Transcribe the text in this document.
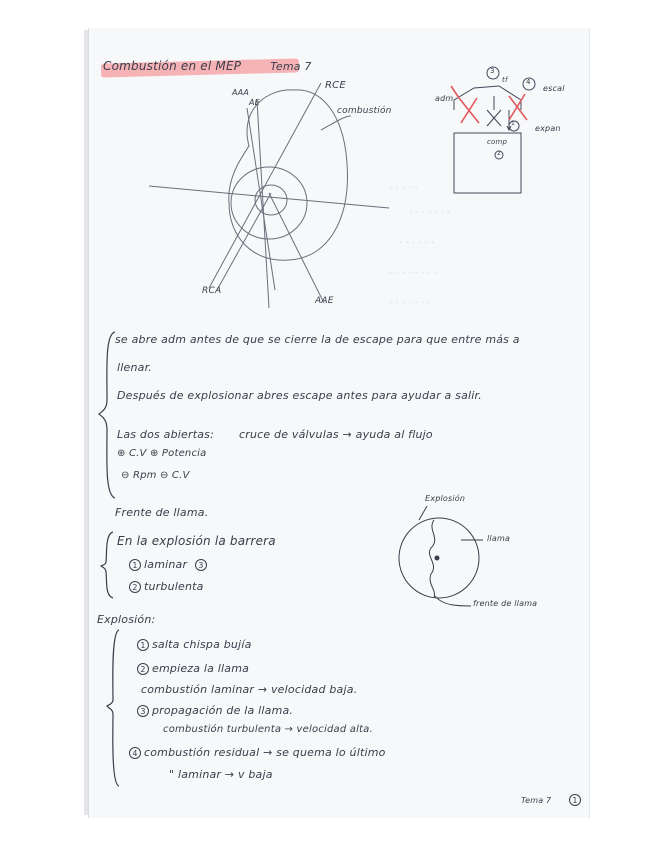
Combustión en el MEP	Tema 7
AAA
AE
RCE
combustión
RCA
AAE
adm
escal
expan
comp
3
4
1
2
tf
· · · · ·
· · · · · · ·
· · · · · ·
· · · · · · · ·
· · · · · · ·
se abre adm antes de que se cierre la de escape para que entre más a
llenar.
Después de explosionar abres escape antes para ayudar a salir.
Las dos abiertas: cruce de válvulas → ayuda al flujo
⊕ C.V ⊕ Potencia
⊖ Rpm ⊖ C.V
Frente de llama.
En la explosión la barrera
1 laminar 3
2 turbulenta
Explosión
llama
frente de llama
Explosión:
1 salta chispa bujía
2 empieza la llama
combustión laminar → velocidad baja.
3 propagación de la llama.
combustión turbulenta → velocidad alta.
4 combustión residual → se quema lo último
" laminar → v baja
Tema 7	1
